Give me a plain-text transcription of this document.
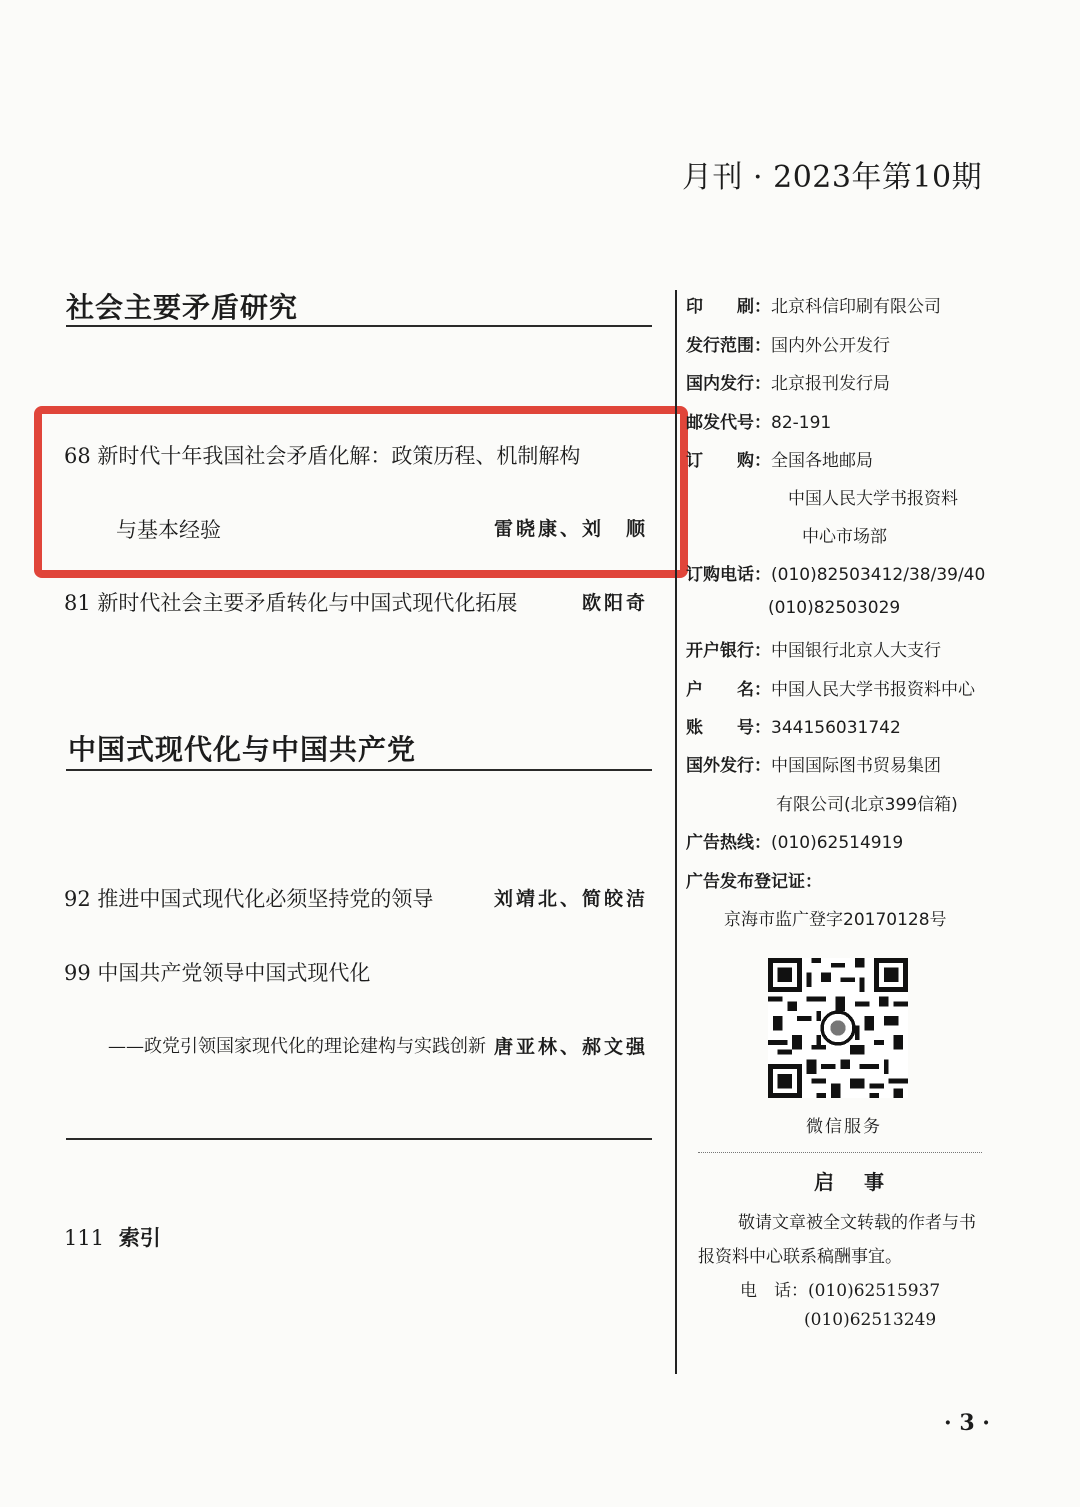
月刊 · 2023年第10期
社会主要矛盾研究
68 新时代十年我国社会矛盾化解：政策历程、机制解构
与基本经验	雷晓康、刘　顺
81 新时代社会主要矛盾转化与中国式现代化拓展	欧阳奇
中国式现代化与中国共产党
92 推进中国式现代化必须坚持党的领导	刘靖北、简皎洁
99 中国共产党领导中国式现代化
——政党引领国家现代化的理论建构与实践创新 唐亚林、郝文强
111 索引
印　　刷：北京科信印刷有限公司
发行范围：国内外公开发行
国内发行：北京报刊发行局
邮发代号：82-191
订　　购：全国各地邮局
中国人民大学书报资料
中心市场部
订购电话：(010)82503412/38/39/40
(010)82503029
开户银行：中国银行北京人大支行
户　　名：中国人民大学书报资料中心
账　　号：344156031742
国外发行：中国国际图书贸易集团
有限公司(北京399信箱)
广告热线：(010)62514919
广告发布登记证：
京海市监广登字20170128号
微信服务
启事
敬请文章被全文转载的作者与书
报资料中心联系稿酬事宜。
电　话：(010)62515937
(010)62513249
· 3 ·
